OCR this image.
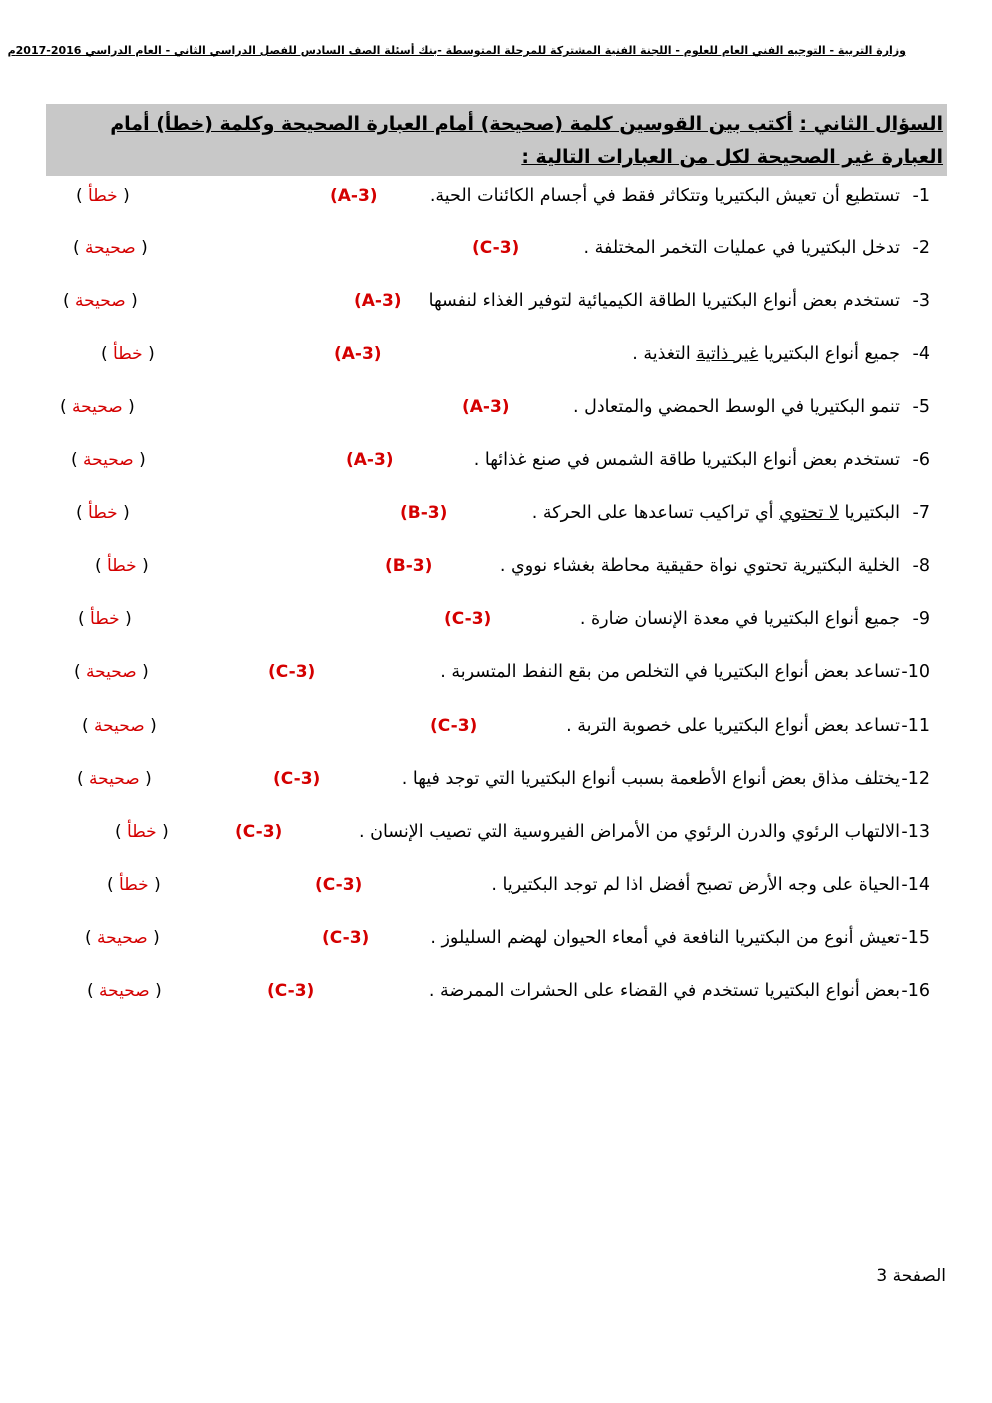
وزارة التربية - التوجيه الفني العام للعلوم - اللجنة الفنية المشتركة للمرحلة المتوسطة -بنك أسئلة الصف السادس للفصل الدراسي الثاني - العام الدراسي 2016-2017م
السؤال الثاني : أكتب بين القوسين كلمة (صحيحة) أمام العبارة الصحيحة وكلمة (خطأ) أمام العبارة غير الصحيحة لكل من العبارات التالية :
1-تستطيع أن تعيش البكتيريا وتتكاثر فقط في أجسام الكائنات الحية.
(A-3)
( خطأ )
2-تدخل البكتيريا في عمليات التخمر المختلفة .
(C-3)
( صحيحة )
3-تستخدم بعض أنواع البكتيريا الطاقة الكيميائية لتوفير الغذاء لنفسها
(A-3)
( صحيحة )
4-جميع أنواع البكتيريا غير ذاتية التغذية .
(A-3)
( خطأ )
5-تنمو البكتيريا في الوسط الحمضي والمتعادل .
(A-3)
( صحيحة )
6-تستخدم بعض أنواع البكتيريا طاقة الشمس في صنع غذائها .
(A-3)
( صحيحة )
7-البكتيريا لا تحتوي أي تراكيب تساعدها على الحركة .
(B-3)
( خطأ )
8-الخلية البكتيرية تحتوي نواة حقيقية محاطة بغشاء نووي .
(B-3)
( خطأ )
9-جميع أنواع البكتيريا في معدة الإنسان ضارة .
(C-3)
( خطأ )
10-تساعد بعض أنواع البكتيريا في التخلص من بقع النفط المتسربة .
(C-3)
( صحيحة )
11-تساعد بعض أنواع البكتيريا على خصوبة التربة .
(C-3)
( صحيحة )
12-يختلف مذاق بعض أنواع الأطعمة بسبب أنواع البكتيريا التي توجد فيها .
(C-3)
( صحيحة )
13-الالتهاب الرئوي والدرن الرئوي من الأمراض الفيروسية التي تصيب الإنسان .
(C-3)
( خطأ )
14-الحياة على وجه الأرض تصبح أفضل اذا لم توجد البكتيريا .
(C-3)
( خطأ )
15-تعيش أنوع من البكتيريا النافعة في أمعاء الحيوان لهضم السليلوز .
(C-3)
( صحيحة )
16-بعض أنواع البكتيريا تستخدم في القضاء على الحشرات الممرضة .
(C-3)
( صحيحة )
الصفحة 3
